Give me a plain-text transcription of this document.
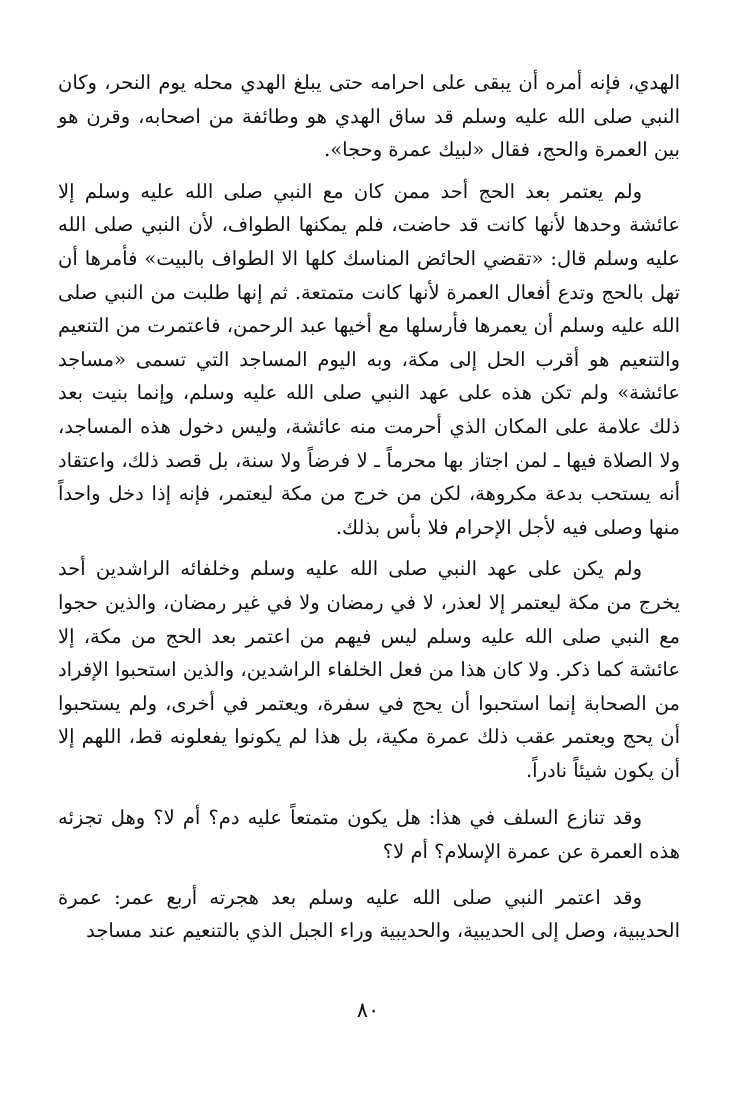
الهدي، فإنه أمره أن يبقى على احرامه حتى يبلغ الهدي محله يوم النحر، وكان النبي صلى الله عليه وسلم قد ساق الهدي هو وطائفة من اصحابه، وقرن هو بين العمرة والحج، فقال «لبيك عمرة وحجا».

ولم يعتمر بعد الحج أحد ممن كان مع النبي صلى الله عليه وسلم إلا عائشة وحدها لأنها كانت قد حاضت، فلم يمكنها الطواف، لأن النبي صلى الله عليه وسلم قال: «تقضي الحائض المناسك كلها الا الطواف بالبيت» فأمرها أن تهل بالحج وتدع أفعال العمرة لأنها كانت متمتعة. ثم إنها طلبت من النبي صلى الله عليه وسلم أن يعمرها فأرسلها مع أخيها عبد الرحمن، فاعتمرت من التنعيم والتنعيم هو أقرب الحل إلى مكة، وبه اليوم المساجد التي تسمى «مساجد عائشة» ولم تكن هذه على عهد النبي صلى الله عليه وسلم، وإنما بنيت بعد ذلك علامة على المكان الذي أحرمت منه عائشة، وليس دخول هذه المساجد، ولا الصلاة فيها ـ لمن اجتاز بها محرماً ـ لا فرضاً ولا سنة، بل قصد ذلك، واعتقاد أنه يستحب بدعة مكروهة، لكن من خرج من مكة ليعتمر، فإنه إذا دخل واحداً منها وصلى فيه لأجل الإحرام فلا بأس بذلك.

ولم يكن على عهد النبي صلى الله عليه وسلم وخلفائه الراشدين أحد يخرج من مكة ليعتمر إلا لعذر، لا في رمضان ولا في غير رمضان، والذين حجوا مع النبي صلى الله عليه وسلم ليس فيهم من اعتمر بعد الحج من مكة، إلا عائشة كما ذكر. ولا كان هذا من فعل الخلفاء الراشدين، والذين استحبوا الإفراد من الصحابة إنما استحبوا أن يحج في سفرة، ويعتمر في أخرى، ولم يستحبوا أن يحج ويعتمر عقب ذلك عمرة مكية، بل هذا لم يكونوا يفعلونه قط، اللهم إلا أن يكون شيئاً نادراً.

وقد تنازع السلف في هذا: هل يكون متمتعاً عليه دم؟ أم لا؟ وهل تجزئه هذه العمرة عن عمرة الإسلام؟ أم لا؟

وقد اعتمر النبي صلى الله عليه وسلم بعد هجرته أربع عمر: عمرة الحديبية، وصل إلى الحديبية، والحديبية وراء الجبل الذي بالتنعيم عند مساجد

٨٠
